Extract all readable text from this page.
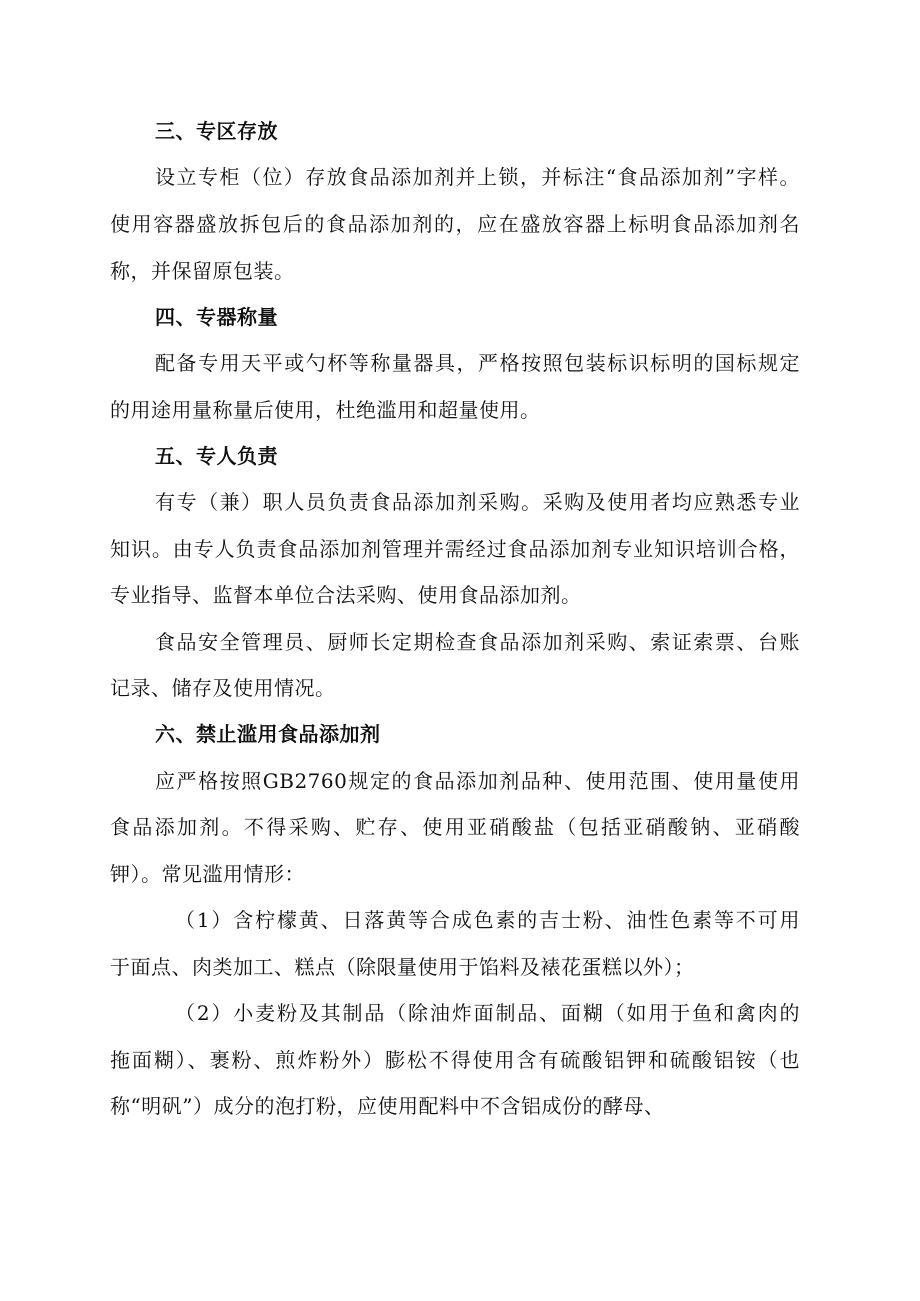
三、专区存放
设立专柜（位）存放食品添加剂并上锁，并标注“食品添加剂”字样。
使用容器盛放拆包后的食品添加剂的，应在盛放容器上标明食品添加剂名
称，并保留原包装。
四、专器称量
配备专用天平或勺杯等称量器具，严格按照包装标识标明的国标规定
的用途用量称量后使用，杜绝滥用和超量使用。
五、专人负责
有专（兼）职人员负责食品添加剂采购。采购及使用者均应熟悉专业
知识。由专人负责食品添加剂管理并需经过食品添加剂专业知识培训合格，
专业指导、监督本单位合法采购、使用食品添加剂。
食品安全管理员、厨师长定期检查食品添加剂采购、索证索票、台账
记录、储存及使用情况。
六、禁止滥用食品添加剂
应严格按照GB2760规定的食品添加剂品种、使用范围、使用量使用
食品添加剂。不得采购、贮存、使用亚硝酸盐（包括亚硝酸钠、亚硝酸
钾）。常见滥用情形：
（1）含柠檬黄、日落黄等合成色素的吉士粉、油性色素等不可用
于面点、肉类加工、糕点（除限量使用于馅料及裱花蛋糕以外）；
（2）小麦粉及其制品（除油炸面制品、面糊（如用于鱼和禽肉的
拖面糊）、裹粉、煎炸粉外）膨松不得使用含有硫酸铝钾和硫酸铝铵（也
称“明矾”）成分的泡打粉，应使用配料中不含铝成份的酵母、
